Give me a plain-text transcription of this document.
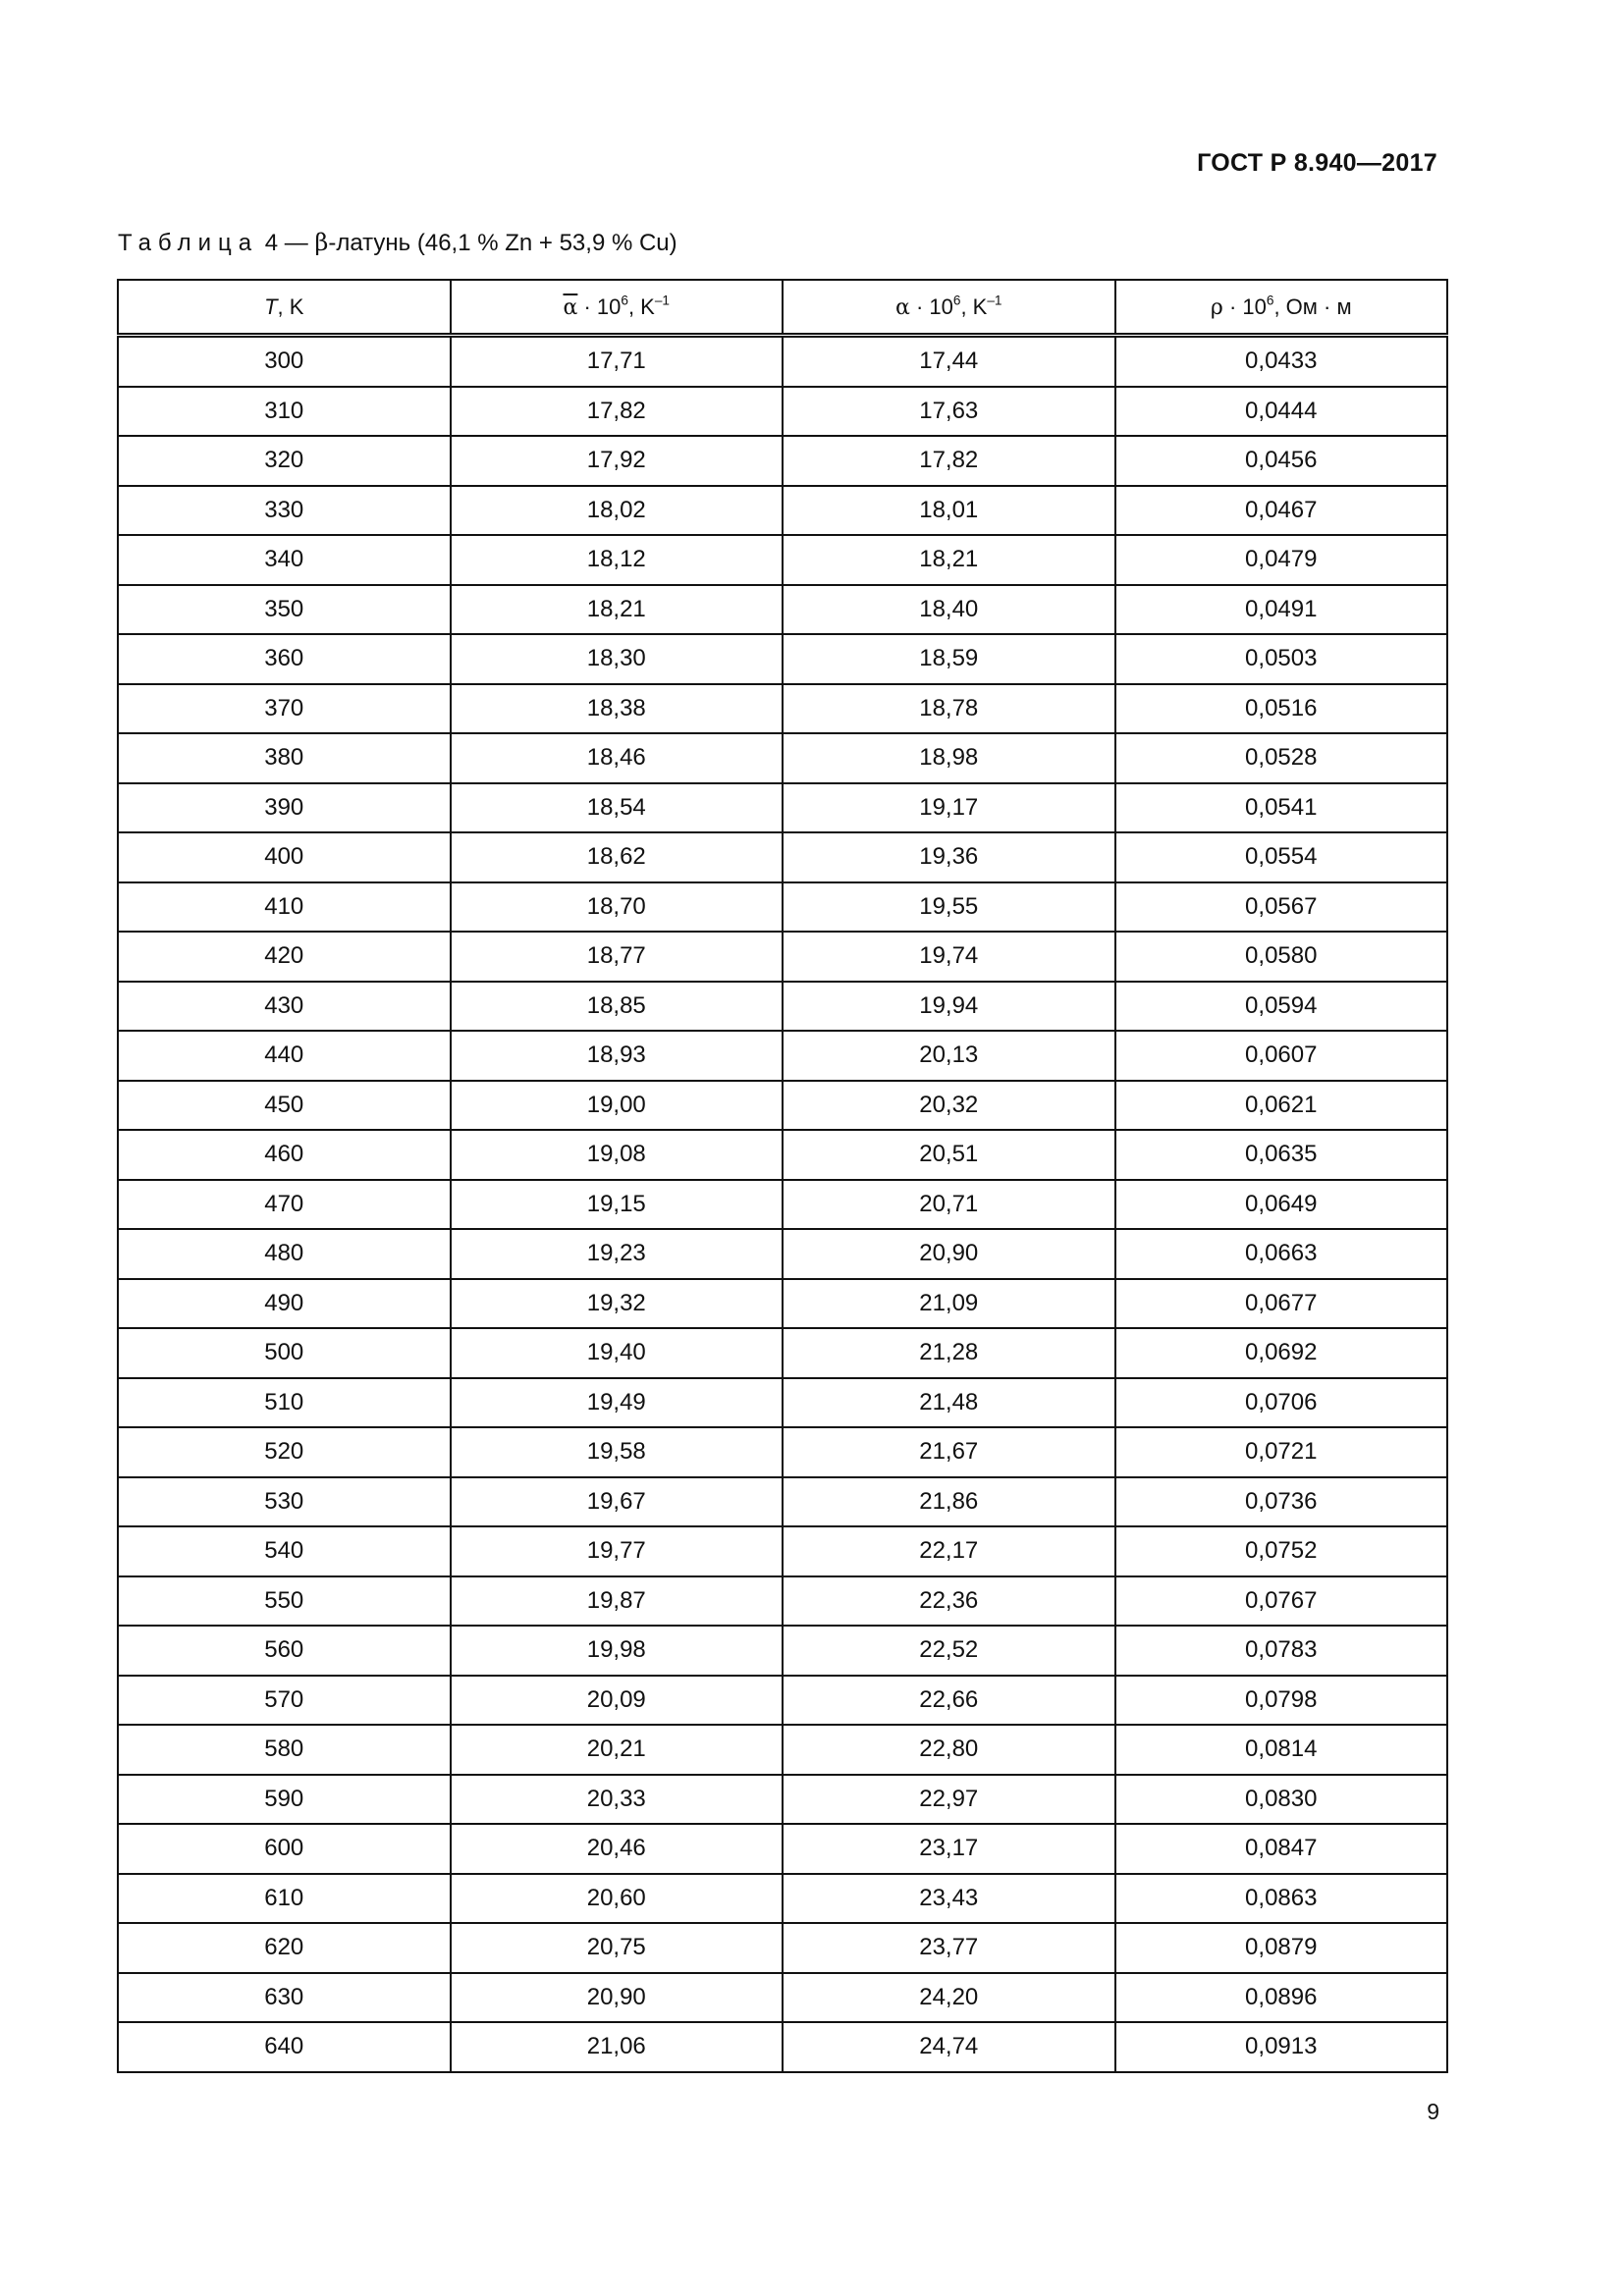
ГОСТ Р 8.940—2017
Таблица 4 — β-латунь (46,1 % Zn + 53,9 % Cu)
T, K	$\overline{\alpha} \cdot 10^6$, $K^{-1}$	$\alpha \cdot 10^6$, $K^{-1}$	$\rho \cdot 10^6$, Ом · м
300	17,71	17,44	0,0433
310	17,82	17,63	0,0444
320	17,92	17,82	0,0456
330	18,02	18,01	0,0467
340	18,12	18,21	0,0479
350	18,21	18,40	0,0491
360	18,30	18,59	0,0503
370	18,38	18,78	0,0516
380	18,46	18,98	0,0528
390	18,54	19,17	0,0541
400	18,62	19,36	0,0554
410	18,70	19,55	0,0567
420	18,77	19,74	0,0580
430	18,85	19,94	0,0594
440	18,93	20,13	0,0607
450	19,00	20,32	0,0621
460	19,08	20,51	0,0635
470	19,15	20,71	0,0649
480	19,23	20,90	0,0663
490	19,32	21,09	0,0677
500	19,40	21,28	0,0692
510	19,49	21,48	0,0706
520	19,58	21,67	0,0721
530	19,67	21,86	0,0736
540	19,77	22,17	0,0752
550	19,87	22,36	0,0767
560	19,98	22,52	0,0783
570	20,09	22,66	0,0798
580	20,21	22,80	0,0814
590	20,33	22,97	0,0830
600	20,46	23,17	0,0847
610	20,60	23,43	0,0863
620	20,75	23,77	0,0879
630	20,90	24,20	0,0896
640	21,06	24,74	0,0913
9
